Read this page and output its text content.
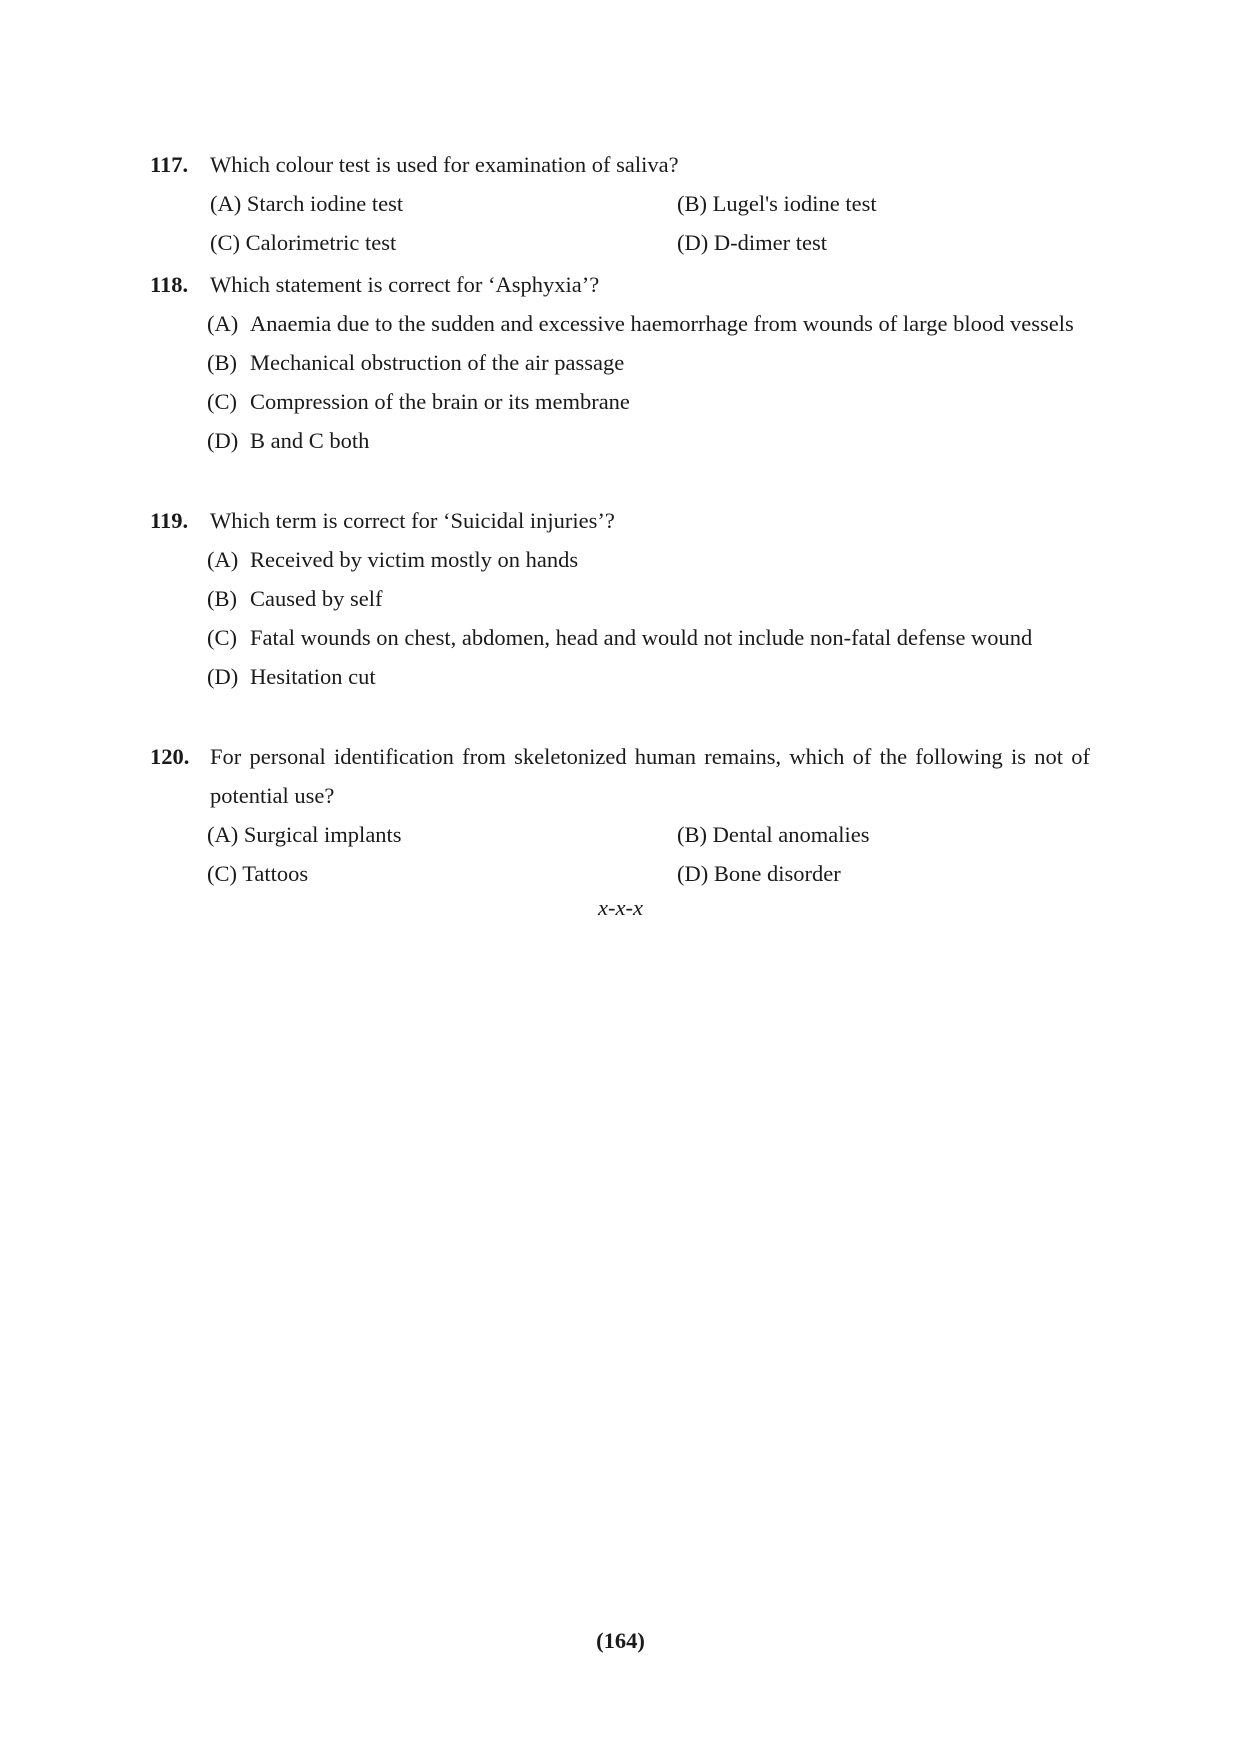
117. Which colour test is used for examination of saliva?
(A) Starch iodine test	(B) Lugel's iodine test
(C) Calorimetric test	(D) D-dimer test
118. Which statement is correct for ‘Asphyxia’?
(A) Anaemia due to the sudden and excessive haemorrhage from wounds of large blood vessels
(B) Mechanical obstruction of the air passage
(C) Compression of the brain or its membrane
(D) B and C both
119. Which term is correct for ‘Suicidal injuries’?
(A) Received by victim mostly on hands
(B) Caused by self
(C) Fatal wounds on chest, abdomen, head and would not include non-fatal defense wound
(D) Hesitation cut
120. For personal identification from skeletonized human remains, which of the following is not of potential use?
(A) Surgical implants	(B) Dental anomalies
(C) Tattoos	(D) Bone disorder
x-x-x
(164)
